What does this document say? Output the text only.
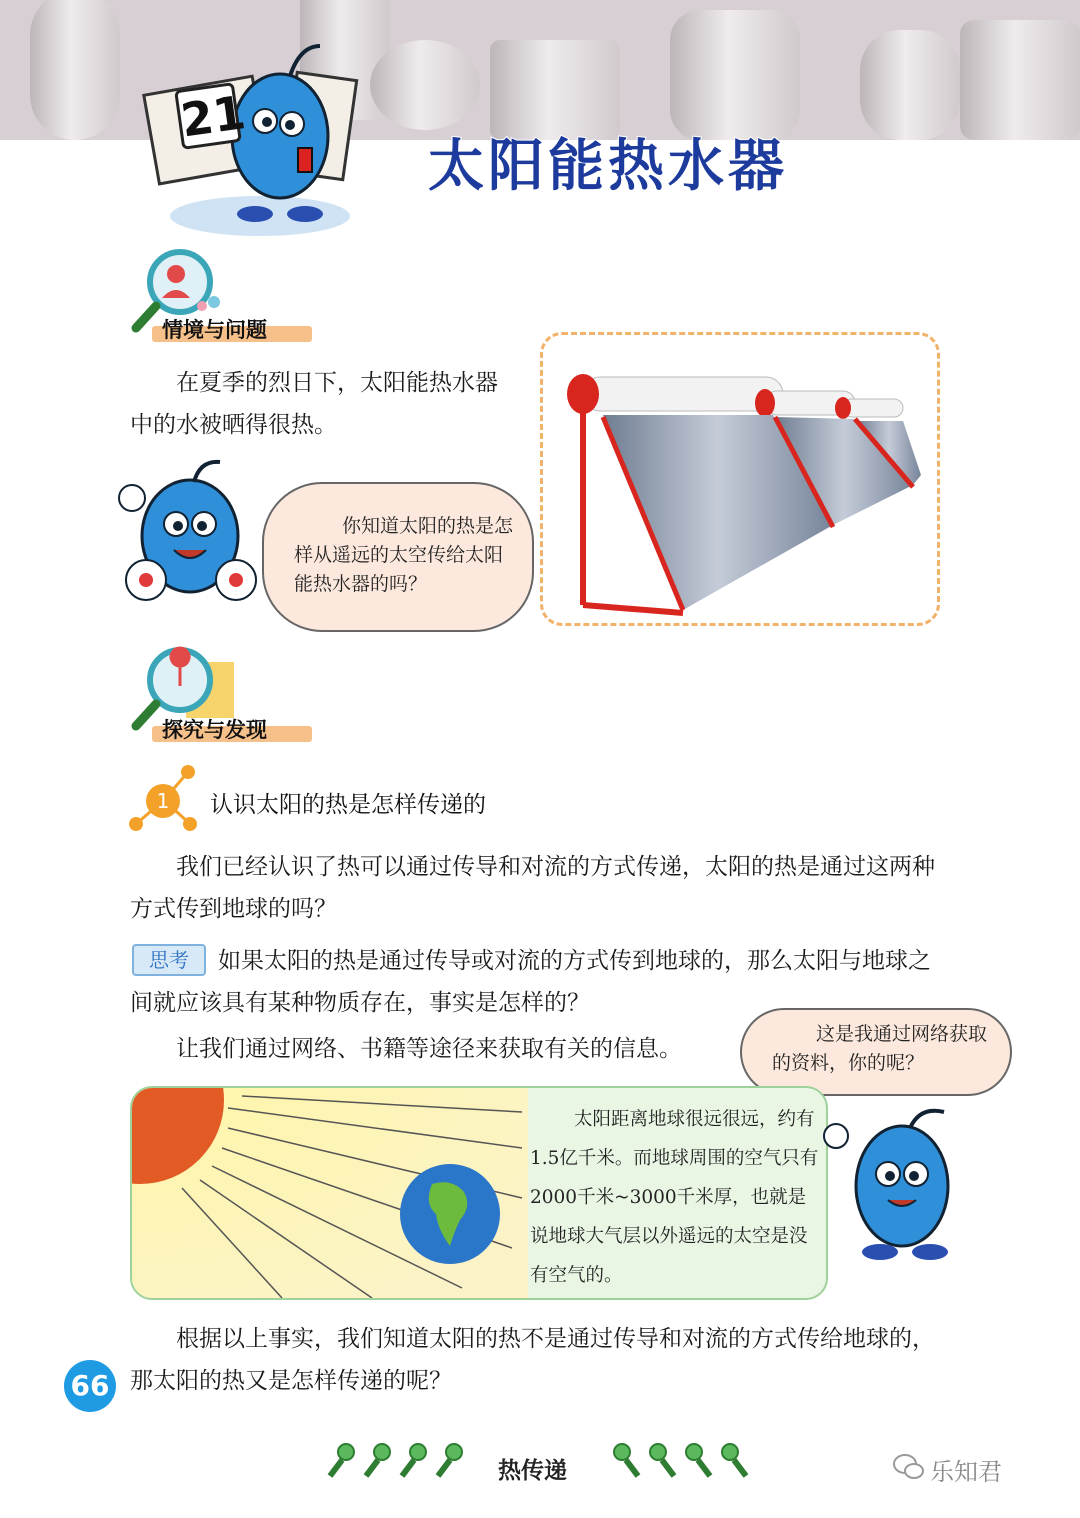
21
太阳能热水器
情境与问题

在夏季的烈日下，太阳能热水器中的水被晒得很热。

你知道太阳的热是怎样从遥远的太空传给太阳能热水器的吗？
探究与发现
1	认识太阳的热是怎样传递的

我们已经认识了热可以通过传导和对流的方式传递，太阳的热是通过这两种方式传到地球的吗？

思考	如果太阳的热是通过传导或对流的方式传到地球的，那么太阳与地球之间就应该具有某种物质存在，事实是怎样的？

让我们通过网络、书籍等途径来获取有关的信息。

这是我通过网络获取的资料，你的呢？
太阳距离地球很远很远，约有1.5亿千米。而地球周围的空气只有2000千米~3000千米厚，也就是说地球大气层以外遥远的太空是没有空气的。

根据以上事实，我们知道太阳的热不是通过传导和对流的方式传给地球的，那太阳的热又是怎样传递的呢？

66
热传递	乐知君
